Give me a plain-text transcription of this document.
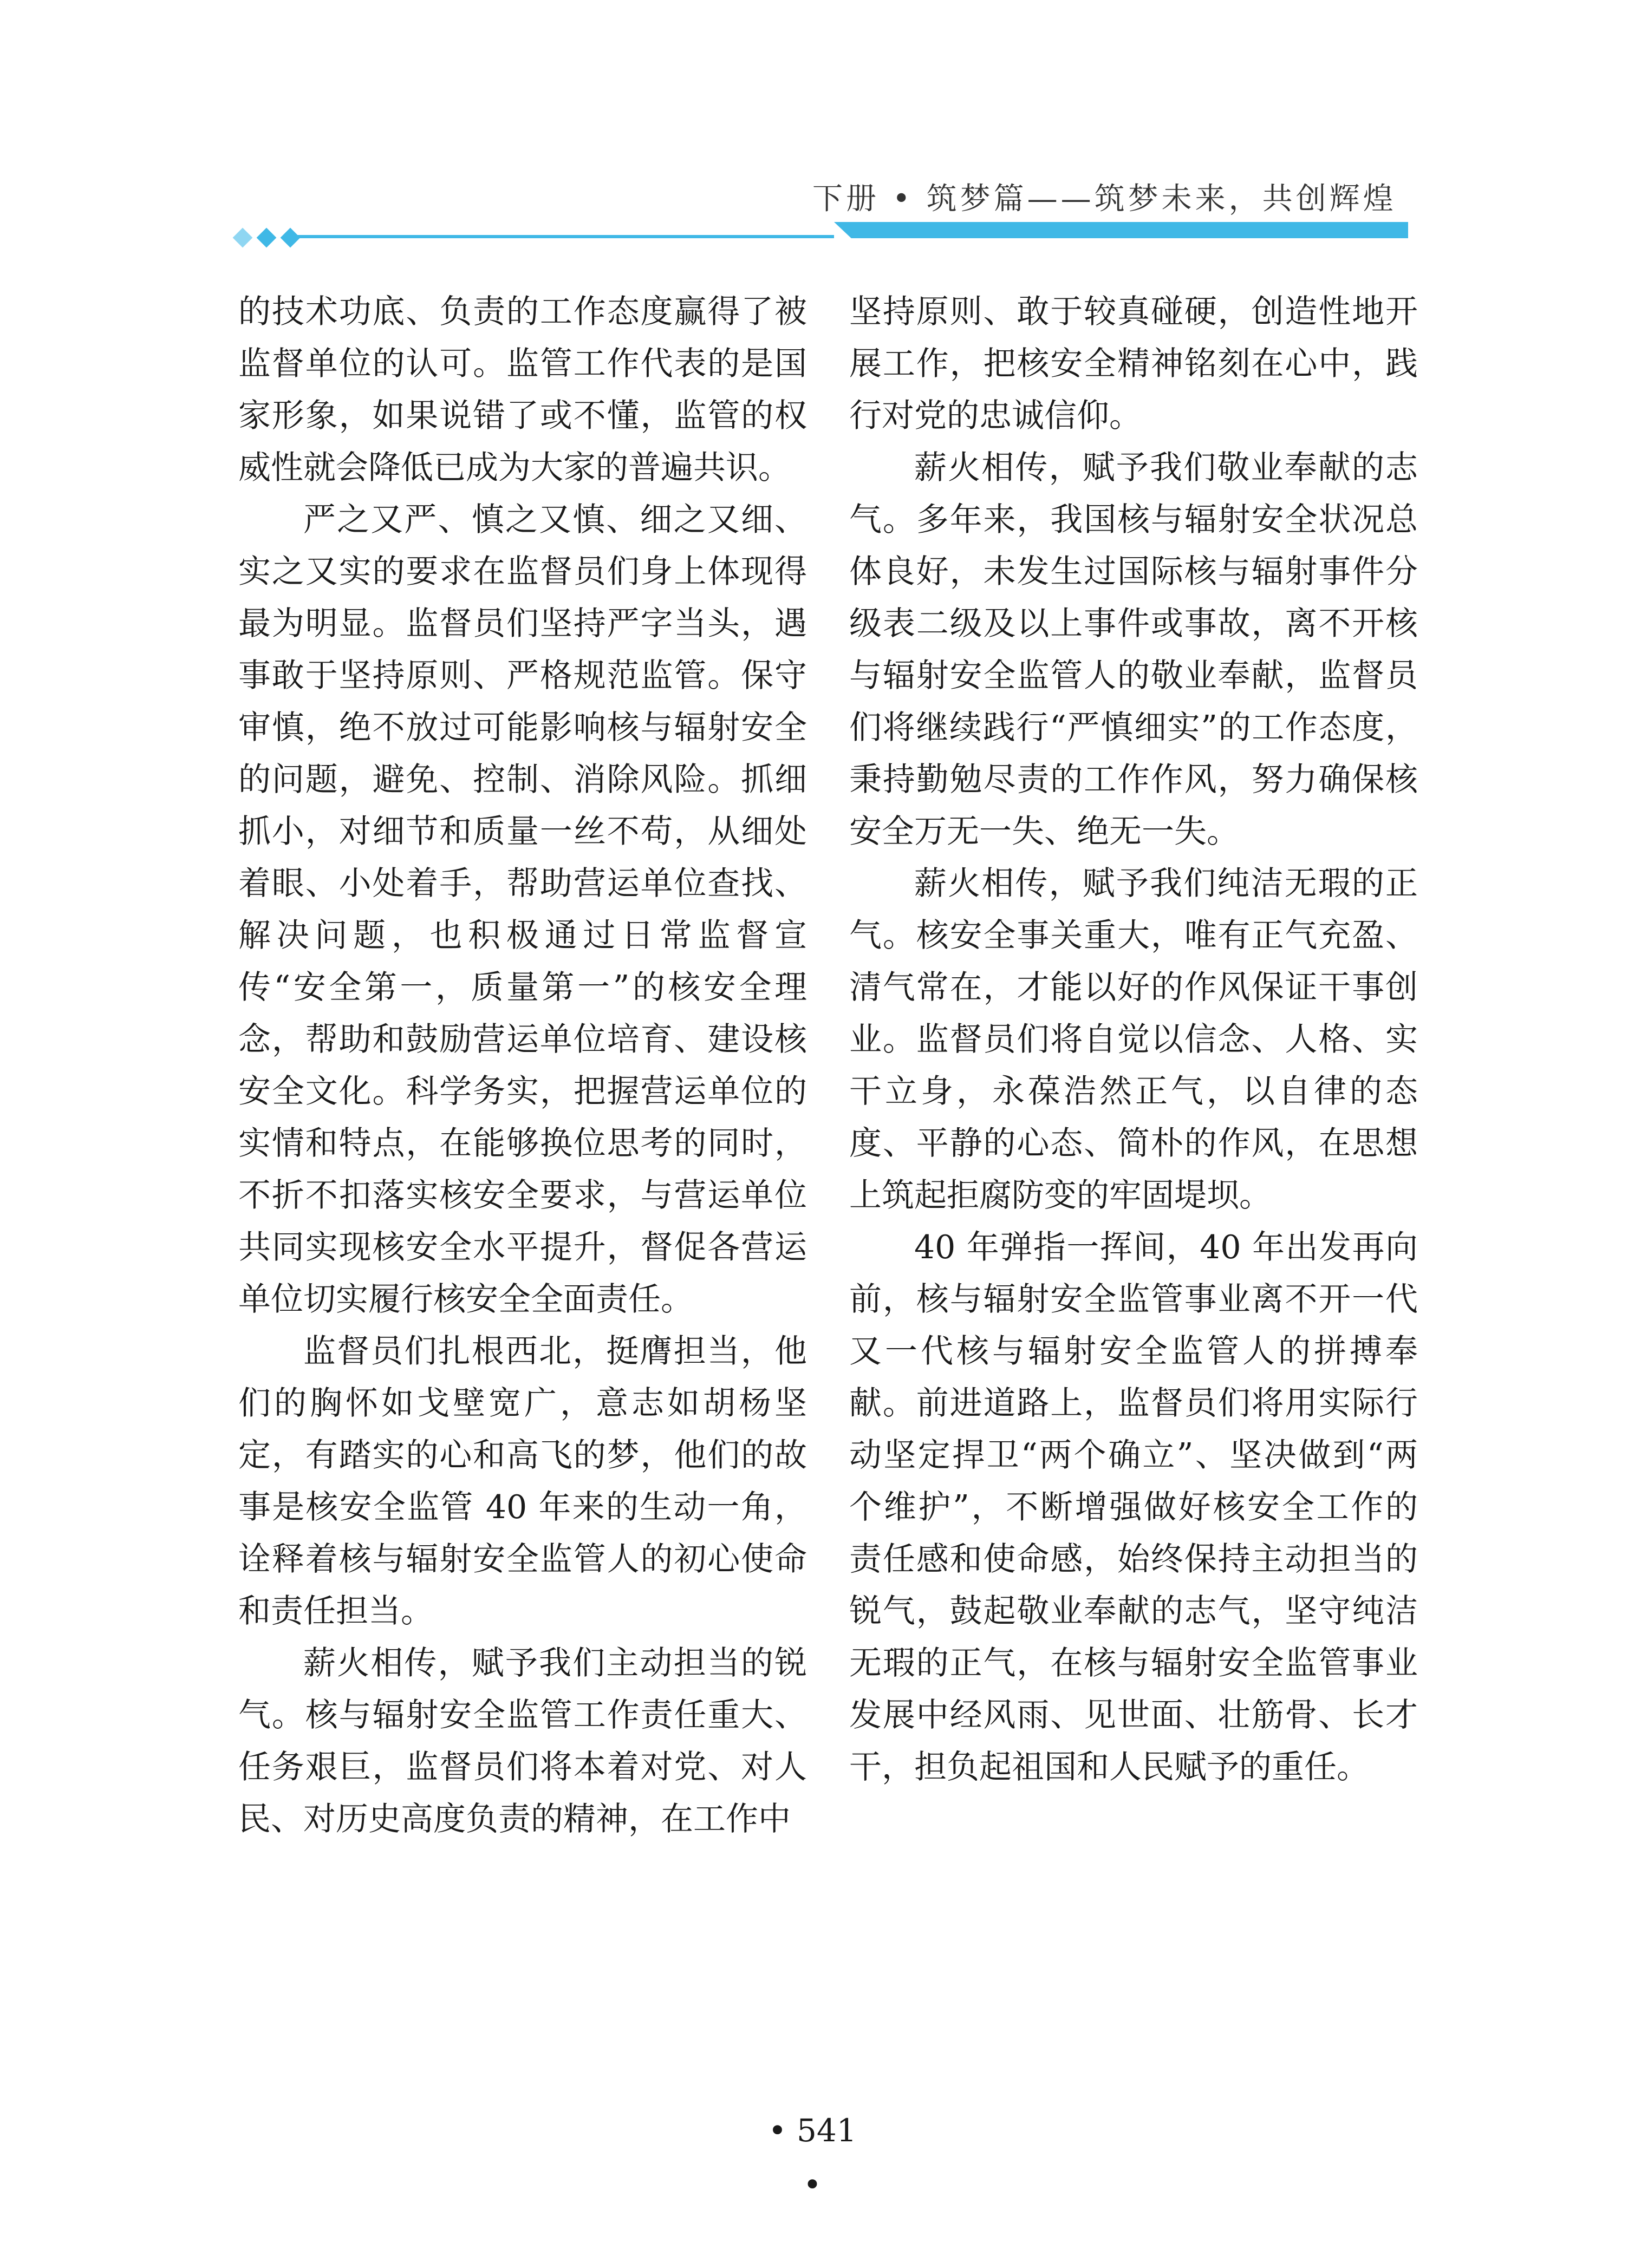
下册 • 筑梦篇——筑梦未来，共创辉煌

的技术功底、负责的工作态度赢得了被监督单位的认可。监管工作代表的是国家形象，如果说错了或不懂，监管的权威性就会降低已成为大家的普遍共识。

严之又严、慎之又慎、细之又细、实之又实的要求在监督员们身上体现得最为明显。监督员们坚持严字当头，遇事敢于坚持原则、严格规范监管。保守审慎，绝不放过可能影响核与辐射安全的问题，避免、控制、消除风险。抓细抓小，对细节和质量一丝不苟，从细处着眼、小处着手，帮助营运单位查找、解决问题，也积极通过日常监督宣传“安全第一，质量第一”的核安全理念，帮助和鼓励营运单位培育、建设核安全文化。科学务实，把握营运单位的实情和特点，在能够换位思考的同时，不折不扣落实核安全要求，与营运单位共同实现核安全水平提升，督促各营运单位切实履行核安全全面责任。

监督员们扎根西北，挺膺担当，他们的胸怀如戈壁宽广，意志如胡杨坚定，有踏实的心和高飞的梦，他们的故事是核安全监管 40 年来的生动一角，诠释着核与辐射安全监管人的初心使命和责任担当。

薪火相传，赋予我们主动担当的锐气。核与辐射安全监管工作责任重大、任务艰巨，监督员们将本着对党、对人民、对历史高度负责的精神，在工作中

坚持原则、敢于较真碰硬，创造性地开展工作，把核安全精神铭刻在心中，践行对党的忠诚信仰。

薪火相传，赋予我们敬业奉献的志气。多年来，我国核与辐射安全状况总体良好，未发生过国际核与辐射事件分级表二级及以上事件或事故，离不开核与辐射安全监管人的敬业奉献，监督员们将继续践行“严慎细实”的工作态度，秉持勤勉尽责的工作作风，努力确保核安全万无一失、绝无一失。

薪火相传，赋予我们纯洁无瑕的正气。核安全事关重大，唯有正气充盈、清气常在，才能以好的作风保证干事创业。监督员们将自觉以信念、人格、实干立身，永葆浩然正气，以自律的态度、平静的心态、简朴的作风，在思想上筑起拒腐防变的牢固堤坝。

40 年弹指一挥间，40 年出发再向前，核与辐射安全监管事业离不开一代又一代核与辐射安全监管人的拼搏奉献。前进道路上，监督员们将用实际行动坚定捍卫“两个确立”、坚决做到“两个维护”，不断增强做好核安全工作的责任感和使命感，始终保持主动担当的锐气，鼓起敬业奉献的志气，坚守纯洁无瑕的正气，在核与辐射安全监管事业发展中经风雨、见世面、壮筋骨、长才干，担负起祖国和人民赋予的重任。

• 541 •
